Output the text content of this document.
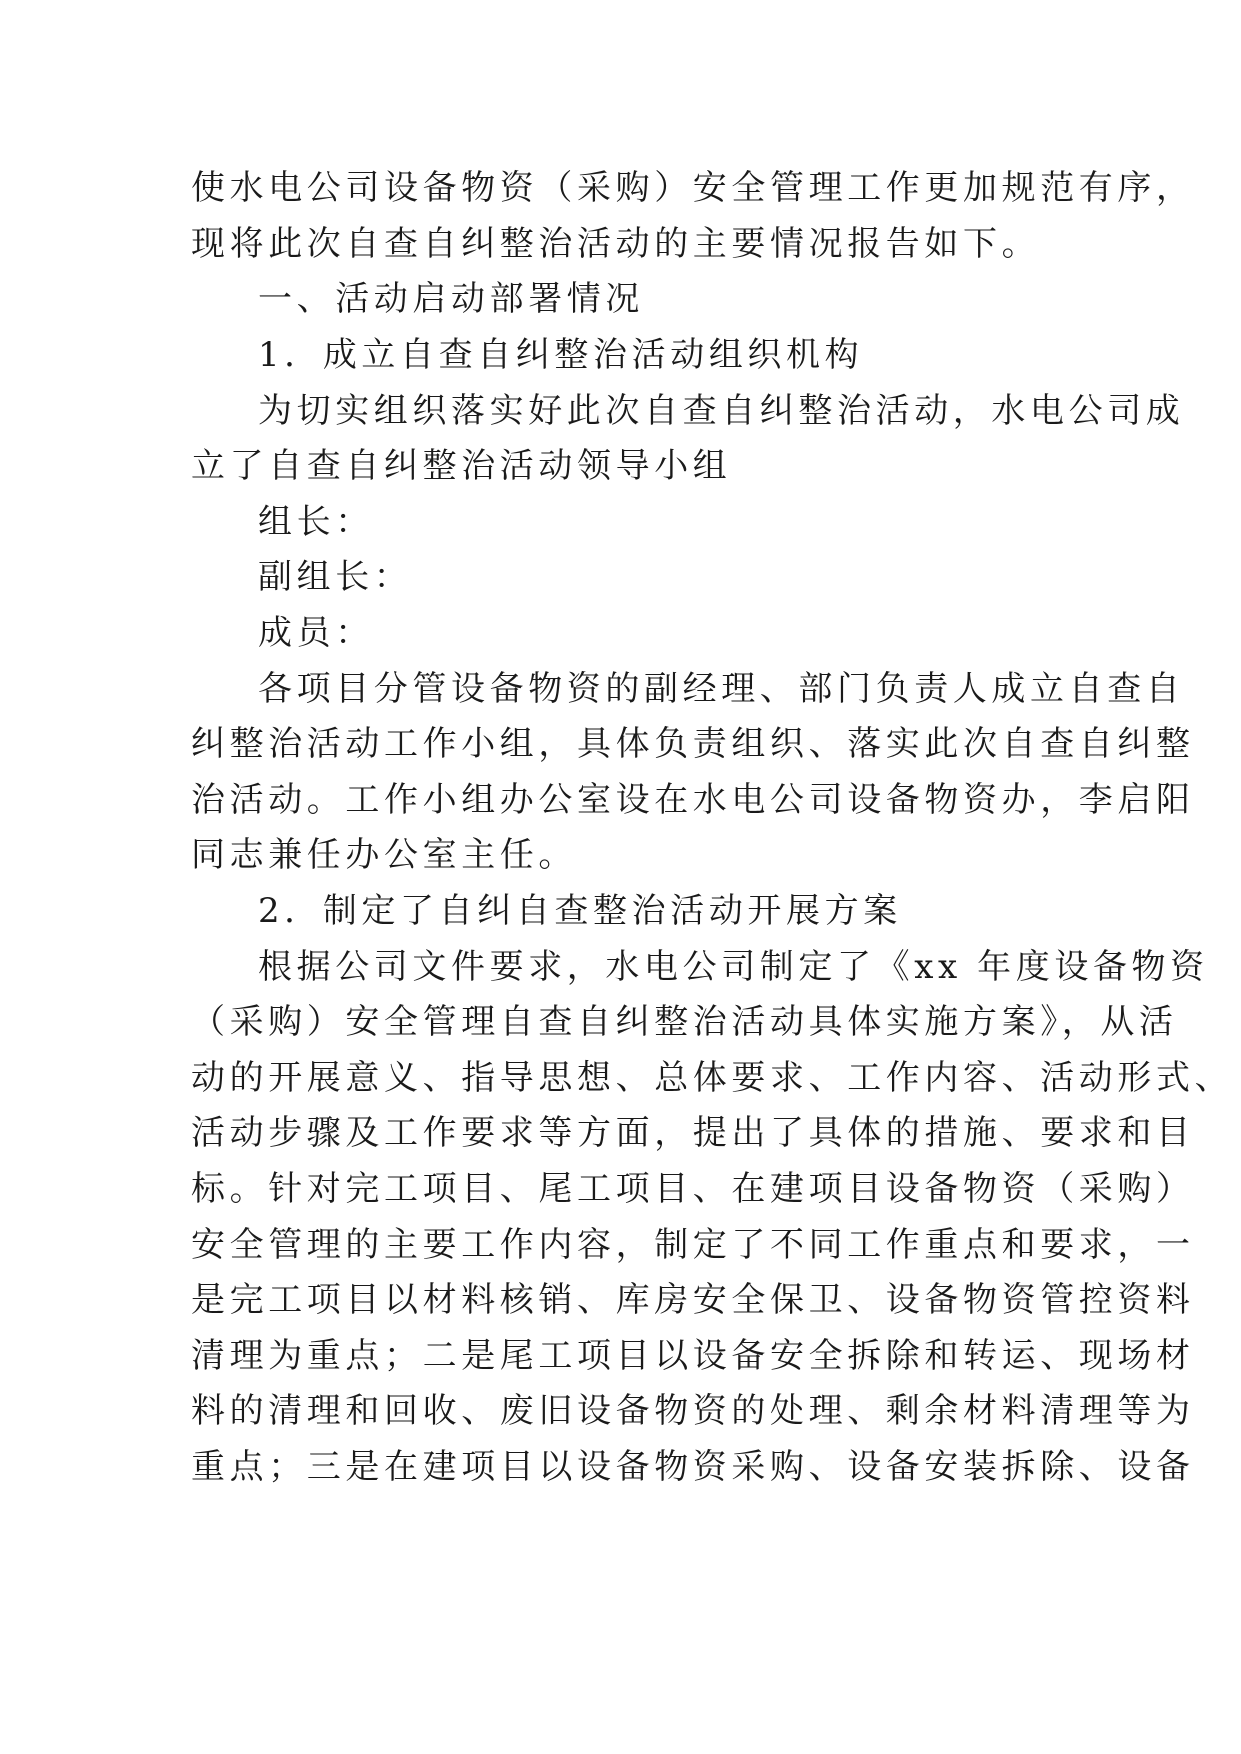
使水电公司设备物资（采购）安全管理工作更加规范有序，
现将此次自查自纠整治活动的主要情况报告如下。
一、活动启动部署情况
1．成立自查自纠整治活动组织机构
为切实组织落实好此次自查自纠整治活动，水电公司成
立了自查自纠整治活动领导小组
组长：
副组长：
成员：
各项目分管设备物资的副经理、部门负责人成立自查自
纠整治活动工作小组，具体负责组织、落实此次自查自纠整
治活动。工作小组办公室设在水电公司设备物资办，李启阳
同志兼任办公室主任。
2．制定了自纠自查整治活动开展方案
根据公司文件要求，水电公司制定了《xx 年度设备物资
（采购）安全管理自查自纠整治活动具体实施方案》，从活
动的开展意义、指导思想、总体要求、工作内容、活动形式、
活动步骤及工作要求等方面，提出了具体的措施、要求和目
标。针对完工项目、尾工项目、在建项目设备物资（采购）
安全管理的主要工作内容，制定了不同工作重点和要求，一
是完工项目以材料核销、库房安全保卫、设备物资管控资料
清理为重点；二是尾工项目以设备安全拆除和转运、现场材
料的清理和回收、废旧设备物资的处理、剩余材料清理等为
重点；三是在建项目以设备物资采购、设备安装拆除、设备
